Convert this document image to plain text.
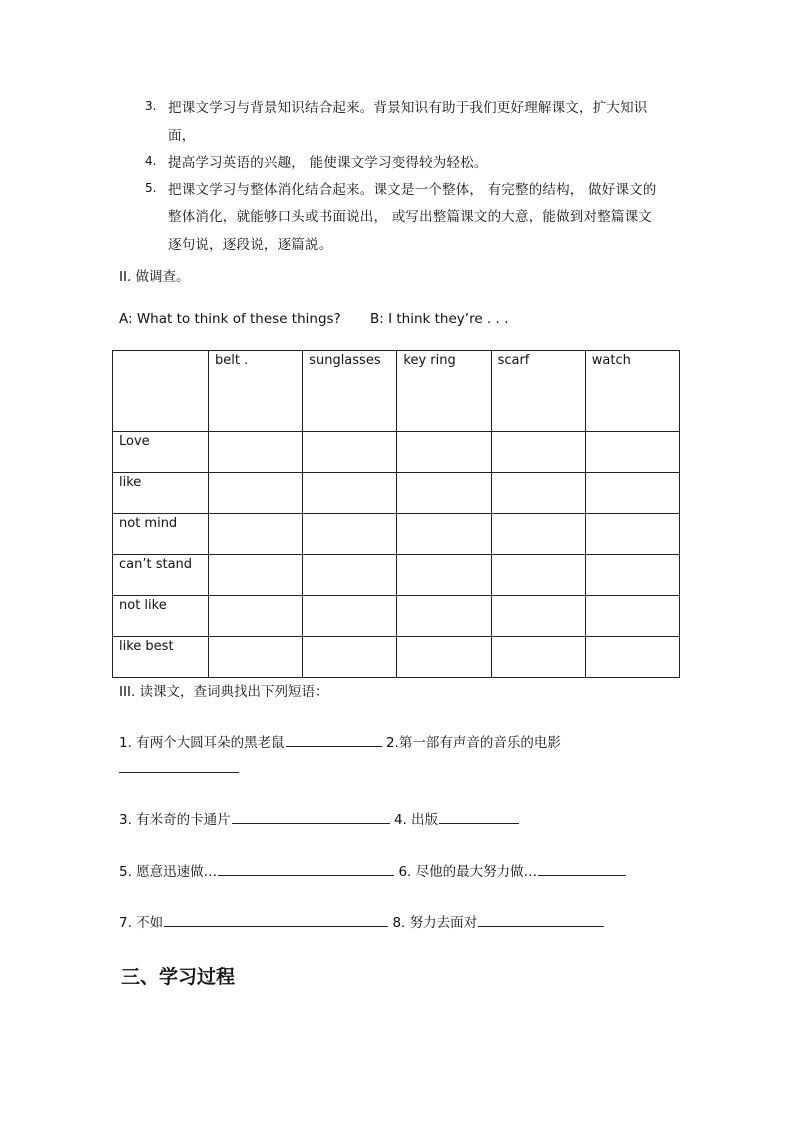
3. 把课文学习与背景知识结合起来。背景知识有助于我们更好理解课文，扩大知识
面，
4. 提高学习英语的兴趣， 能使课文学习变得较为轻松。
5. 把课文学习与整体消化结合起来。课文是一个整体， 有完整的结构， 做好课文的
整体消化，就能够口头或书面说出， 或写出整篇课文的大意，能做到对整篇课文
逐句说，逐段说，逐篇説。
II. 做调查。
A: What to think of these things? B: I think they’re . . .
	belt .	sunglasses	key ring	scarf	watch
Love					
like					
not mind					
can’t stand					
not like					
like best					
III. 读课文，查词典找出下列短语：
1. 有两个大圆耳朵的黑老鼠	2.第一部有声音的音乐的电影
3. 有米奇的卡通片	4. 出版
5. 愿意迅速做…	6. 尽他的最大努力做…
7. 不如	8. 努力去面对
三、学习过程
